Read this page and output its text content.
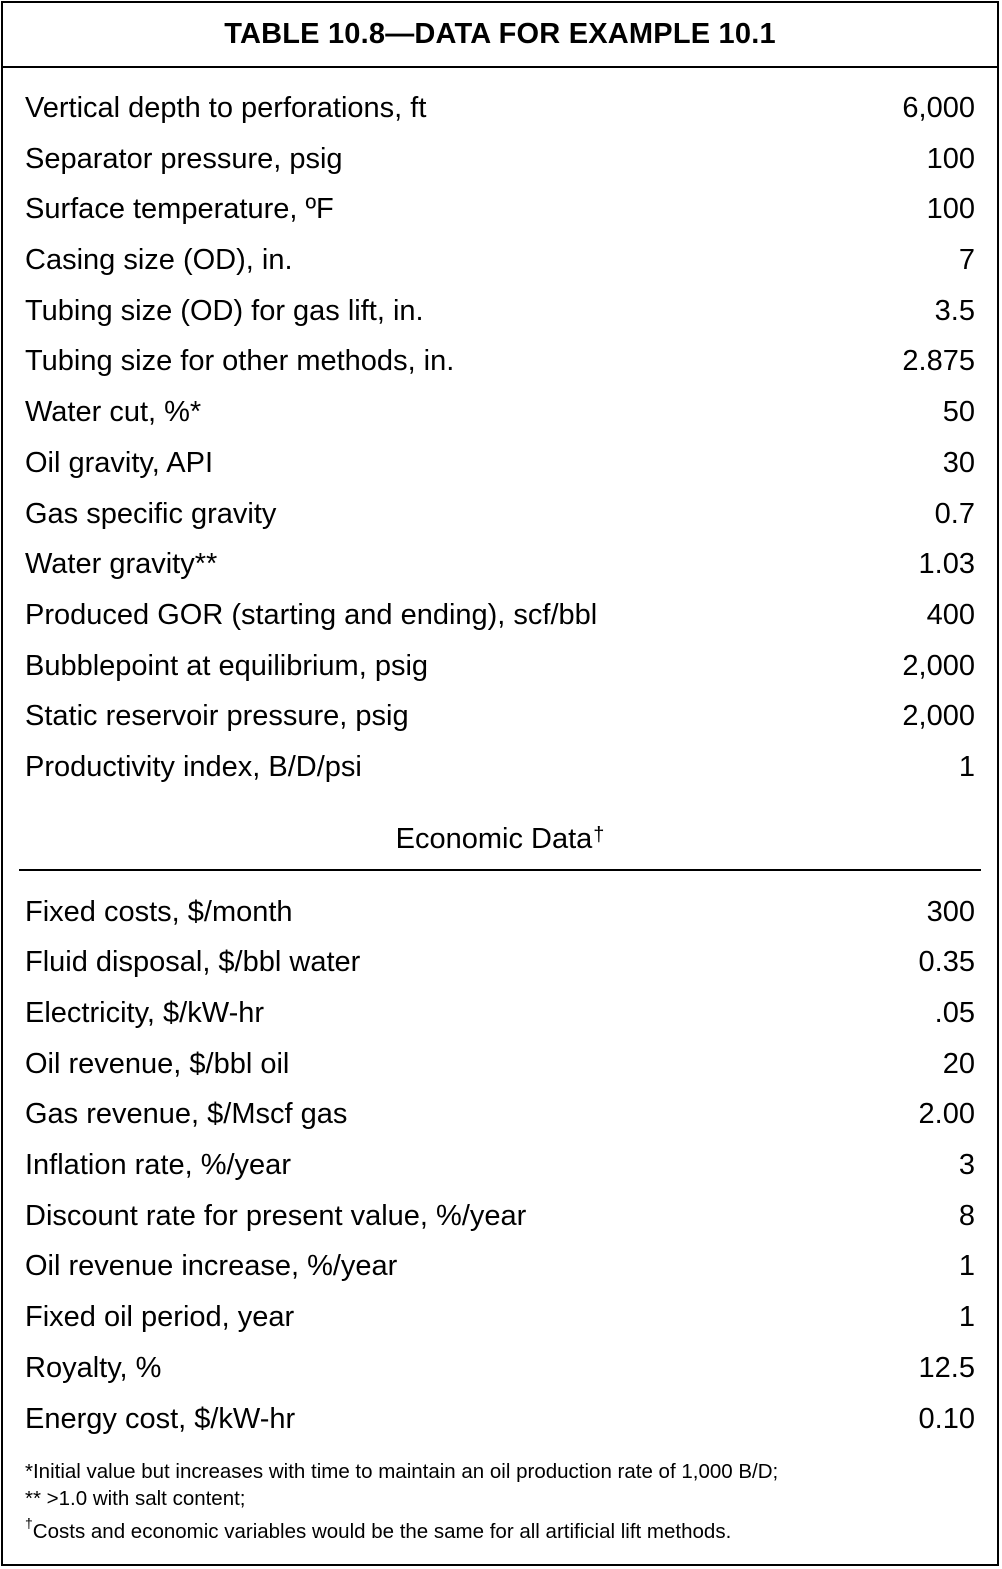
TABLE 10.8—DATA FOR EXAMPLE 10.1
Vertical depth to perforations, ft	6,000
Separator pressure, psig	100
Surface temperature, ºF	100
Casing size (OD), in.	7
Tubing size (OD) for gas lift, in.	3.5
Tubing size for other methods, in.	2.875
Water cut, %*	50
Oil gravity, API	30
Gas specific gravity	0.7
Water gravity**	1.03
Produced GOR (starting and ending), scf/bbl	400
Bubblepoint at equilibrium, psig	2,000
Static reservoir pressure, psig	2,000
Productivity index, B/D/psi	1
Economic Data†
Fixed costs, $/month	300
Fluid disposal, $/bbl water	0.35
Electricity, $/kW-hr	.05
Oil revenue, $/bbl oil	20
Gas revenue, $/Mscf gas	2.00
Inflation rate, %/year	3
Discount rate for present value, %/year	8
Oil revenue increase, %/year	1
Fixed oil period, year	1
Royalty, %	12.5
Energy cost, $/kW-hr	0.10
*Initial value but increases with time to maintain an oil production rate of 1,000 B/D;
** >1.0 with salt content;
†Costs and economic variables would be the same for all artificial lift methods.
